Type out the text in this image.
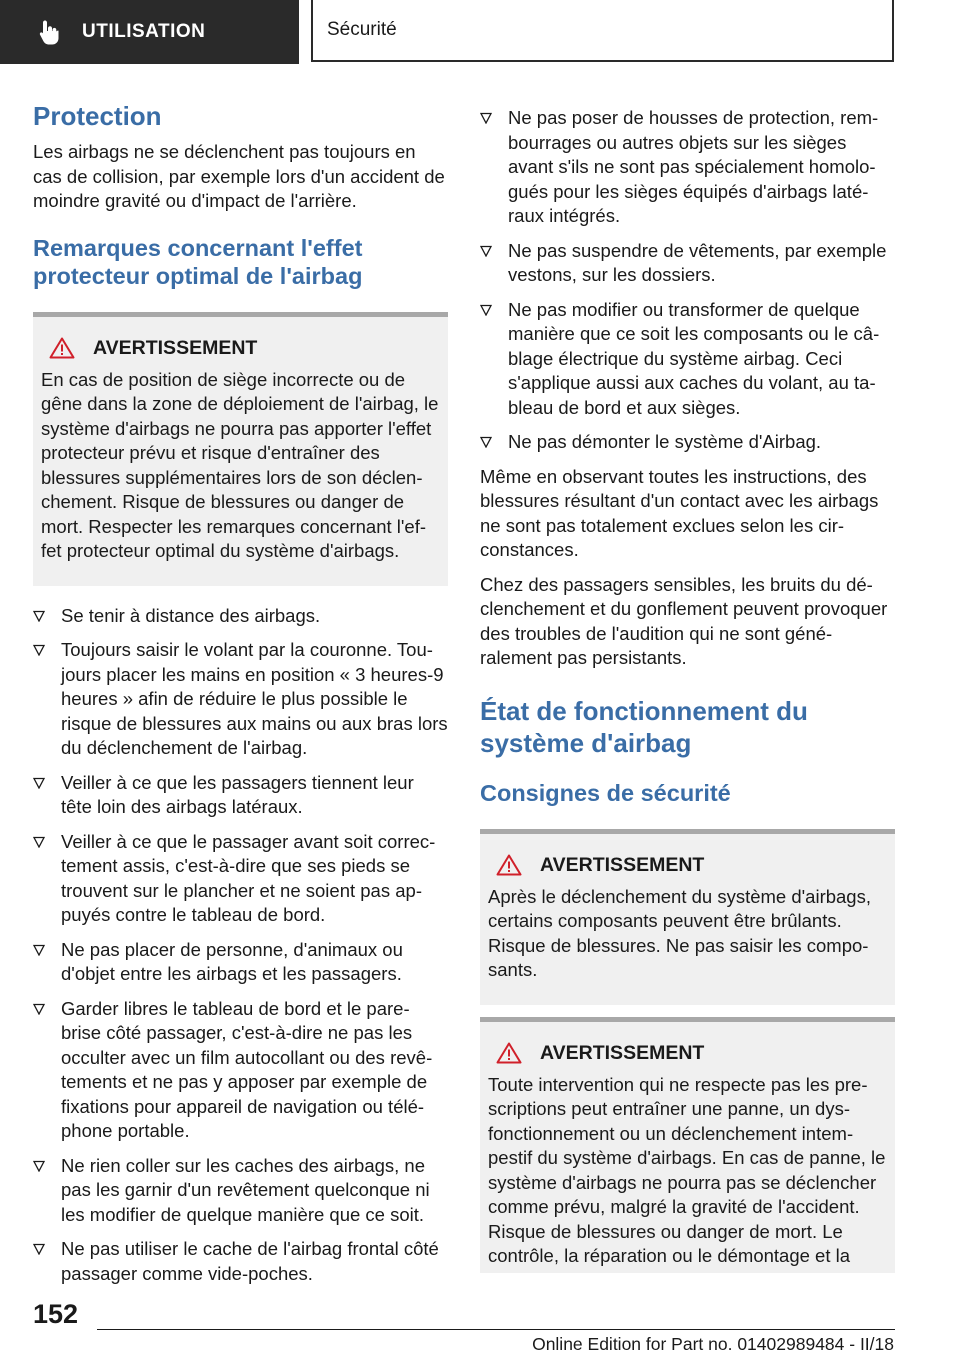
UTILISATION	Sécurité
Protection

Les airbags ne se déclenchent pas toujours en cas de collision, par exemple lors d'un accident de moindre gravité ou d'impact de l'arrière.

Remarques concernant l'effet protecteur optimal de l'airbag
AVERTISSEMENT

En cas de position de siège incorrecte ou de gêne dans la zone de déploiement de l'airbag, le système d'airbags ne pourra pas apporter l'effet protecteur prévu et risque d'entraîner des blessures supplémentaires lors de son déclenchement. Risque de blessures ou danger de mort. Respecter les remarques concernant l'effet protecteur optimal du système d'airbags.

Se tenir à distance des airbags.
Toujours saisir le volant par la couronne. Toujours placer les mains en position « 3 heures-9 heures » afin de réduire le plus possible le risque de blessures aux mains ou aux bras lors du déclenchement de l'airbag.
Veiller à ce que les passagers tiennent leur tête loin des airbags latéraux.
Veiller à ce que le passager avant soit correctement assis, c'est-à-dire que ses pieds se trouvent sur le plancher et ne soient pas appuyés contre le tableau de bord.
Ne pas placer de personne, d'animaux ou d'objet entre les airbags et les passagers.
Garder libres le tableau de bord et le pare-brise côté passager, c'est-à-dire ne pas les occulter avec un film autocollant ou des revêtements et ne pas y apposer par exemple de fixations pour appareil de navigation ou téléphone portable.
Ne rien coller sur les caches des airbags, ne pas les garnir d'un revêtement quelconque ni les modifier de quelque manière que ce soit.
Ne pas utiliser le cache de l'airbag frontal côté passager comme vide-poches.
Ne pas poser de housses de protection, rembourrages ou autres objets sur les sièges avant s'ils ne sont pas spécialement homologués pour les sièges équipés d'airbags latéraux intégrés.
Ne pas suspendre de vêtements, par exemple vestons, sur les dossiers.
Ne pas modifier ou transformer de quelque manière que ce soit les composants ou le câblage électrique du système airbag. Ceci s'applique aussi aux caches du volant, au tableau de bord et aux sièges.
Ne pas démonter le système d'Airbag.

Même en observant toutes les instructions, des blessures résultant d'un contact avec les airbags ne sont pas totalement exclues selon les circonstances.

Chez des passagers sensibles, les bruits du déclenchement et du gonflement peuvent provoquer des troubles de l'audition qui ne sont généralement pas persistants.

État de fonctionnement du système d'airbag
Consignes de sécurité
AVERTISSEMENT

Après le déclenchement du système d'airbags, certains composants peuvent être brûlants. Risque de blessures. Ne pas saisir les composants.

AVERTISSEMENT

Toute intervention qui ne respecte pas les prescriptions peut entraîner une panne, un dysfonctionnement ou un déclenchement intempestif du système d'airbags. En cas de panne, le système d'airbags ne pourra pas se déclencher comme prévu, malgré la gravité de l'accident. Risque de blessures ou danger de mort. Le contrôle, la réparation ou le démontage et la

152
Online Edition for Part no. 01402989484 - II/18
